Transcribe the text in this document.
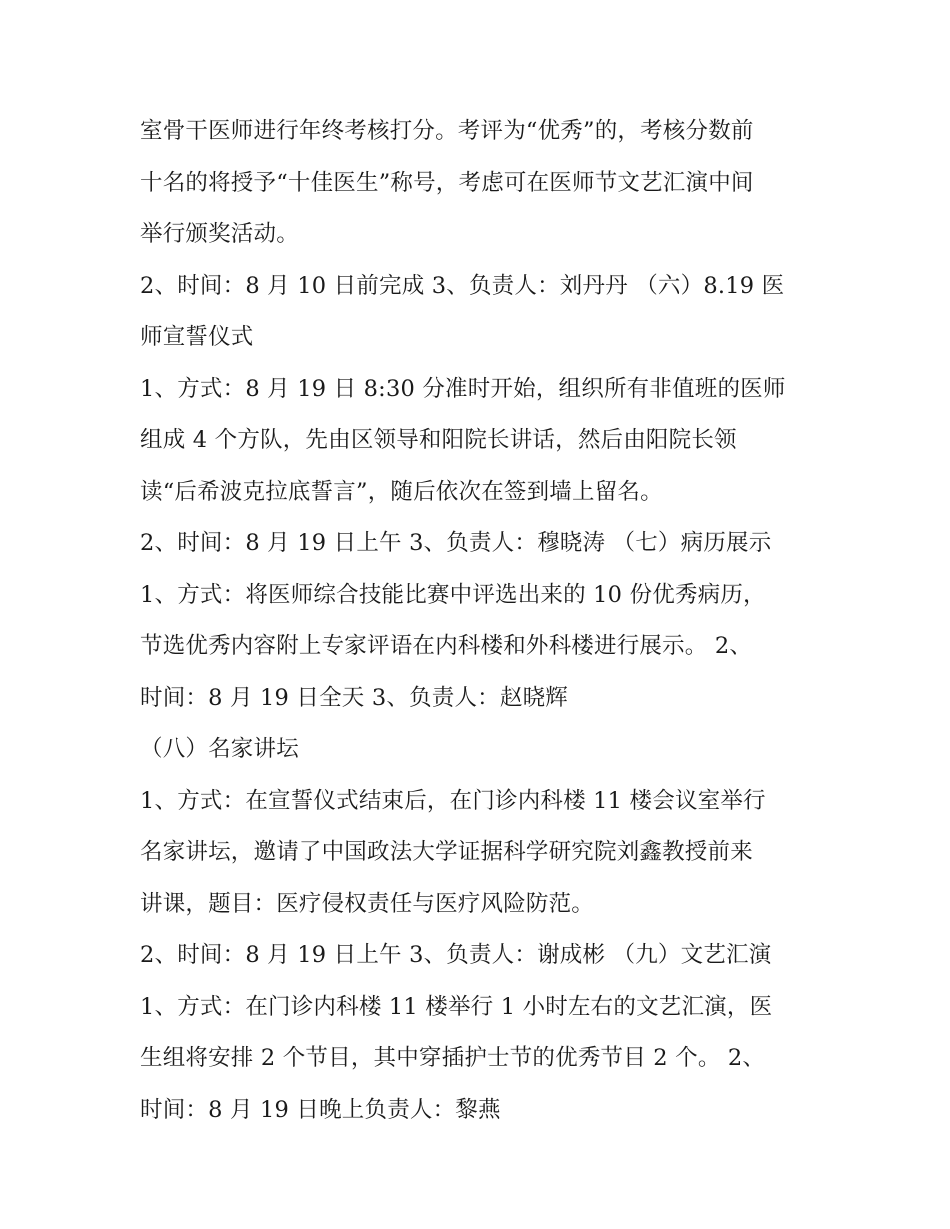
室骨干医师进行年终考核打分。考评为“优秀”的，考核分数前
十名的将授予“十佳医生”称号，考虑可在医师节文艺汇演中间
举行颁奖活动。
2、时间：8 月 10 日前完成 3、负责人：刘丹丹 （六）8.19 医
师宣誓仪式
1、方式：8 月 19 日 8:30 分准时开始，组织所有非值班的医师
组成 4 个方队，先由区领导和阳院长讲话，然后由阳院长领
读“后希波克拉底誓言”，随后依次在签到墙上留名。
2、时间：8 月 19 日上午 3、负责人：穆晓涛 （七）病历展示
1、方式：将医师综合技能比赛中评选出来的 10 份优秀病历，
节选优秀内容附上专家评语在内科楼和外科楼进行展示。 2、
时间：8 月 19 日全天 3、负责人：赵晓辉
（八）名家讲坛
1、方式：在宣誓仪式结束后，在门诊内科楼 11 楼会议室举行
名家讲坛，邀请了中国政法大学证据科学研究院刘鑫教授前来
讲课，题目：医疗侵权责任与医疗风险防范。
2、时间：8 月 19 日上午 3、负责人：谢成彬 （九）文艺汇演
1、方式：在门诊内科楼 11 楼举行 1 小时左右的文艺汇演，医
生组将安排 2 个节目，其中穿插护士节的优秀节目 2 个。 2、
时间：8 月 19 日晚上负责人：黎燕
